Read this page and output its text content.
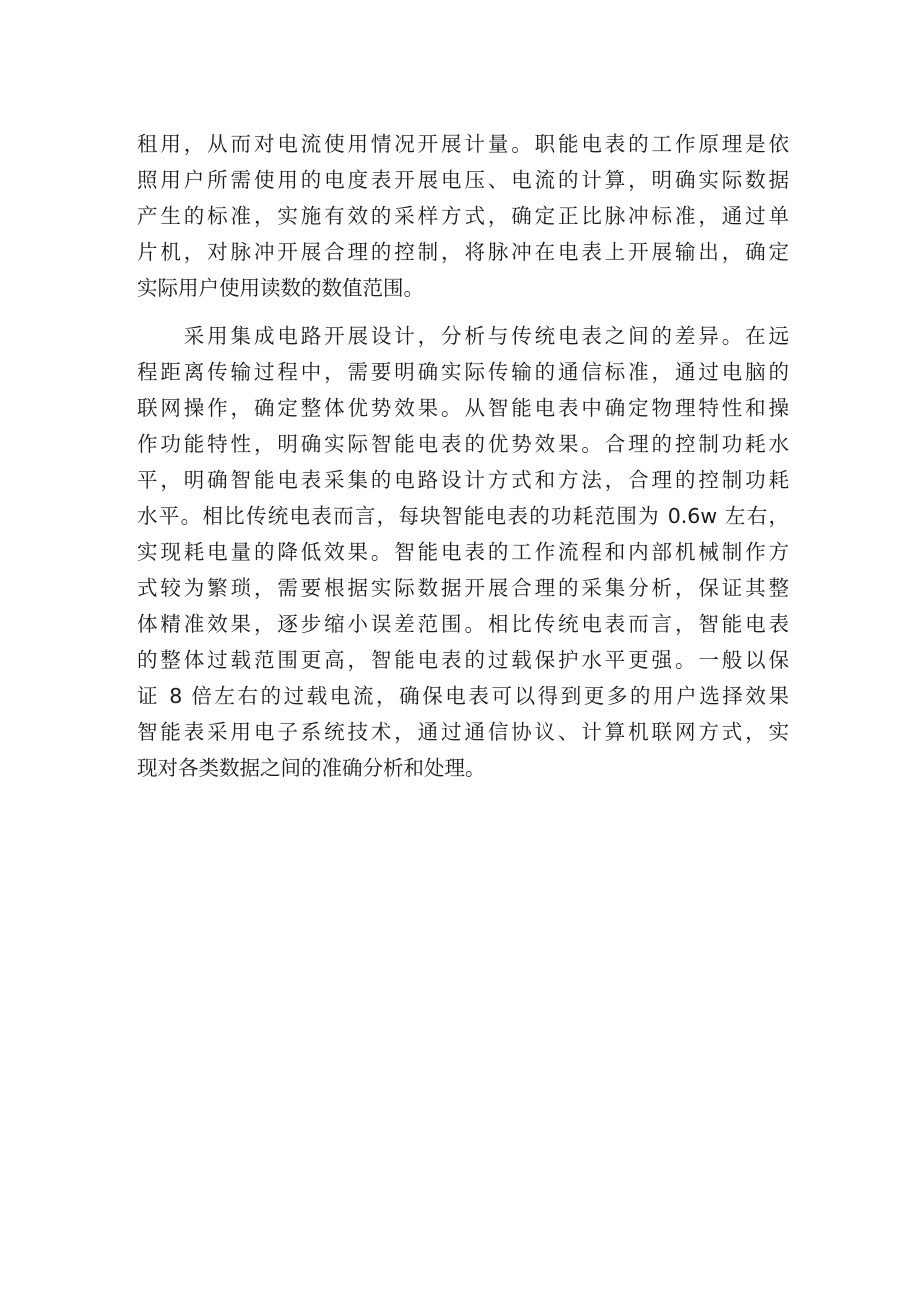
租用，从而对电流使用情况开展计量。职能电表的工作原理是依
照用户所需使用的电度表开展电压、电流的计算，明确实际数据
产生的标准，实施有效的采样方式，确定正比脉冲标准，通过单
片机，对脉冲开展合理的控制，将脉冲在电表上开展输出，确定
实际用户使用读数的数值范围。
　　采用集成电路开展设计，分析与传统电表之间的差异。在远
程距离传输过程中，需要明确实际传输的通信标准，通过电脑的
联网操作，确定整体优势效果。从智能电表中确定物理特性和操
作功能特性，明确实际智能电表的优势效果。合理的控制功耗水
平，明确智能电表采集的电路设计方式和方法，合理的控制功耗
水平。相比传统电表而言，每块智能电表的功耗范围为 0.6w 左右，
实现耗电量的降低效果。智能电表的工作流程和内部机械制作方
式较为繁琐，需要根据实际数据开展合理的采集分析，保证其整
体精准效果，逐步缩小误差范围。相比传统电表而言，智能电表
的整体过载范围更高，智能电表的过载保护水平更强。一般以保
证 8 倍左右的过载电流，确保电表可以得到更多的用户选择效果
智能表采用电子系统技术，通过通信协议、计算机联网方式，实
现对各类数据之间的准确分析和处理。
